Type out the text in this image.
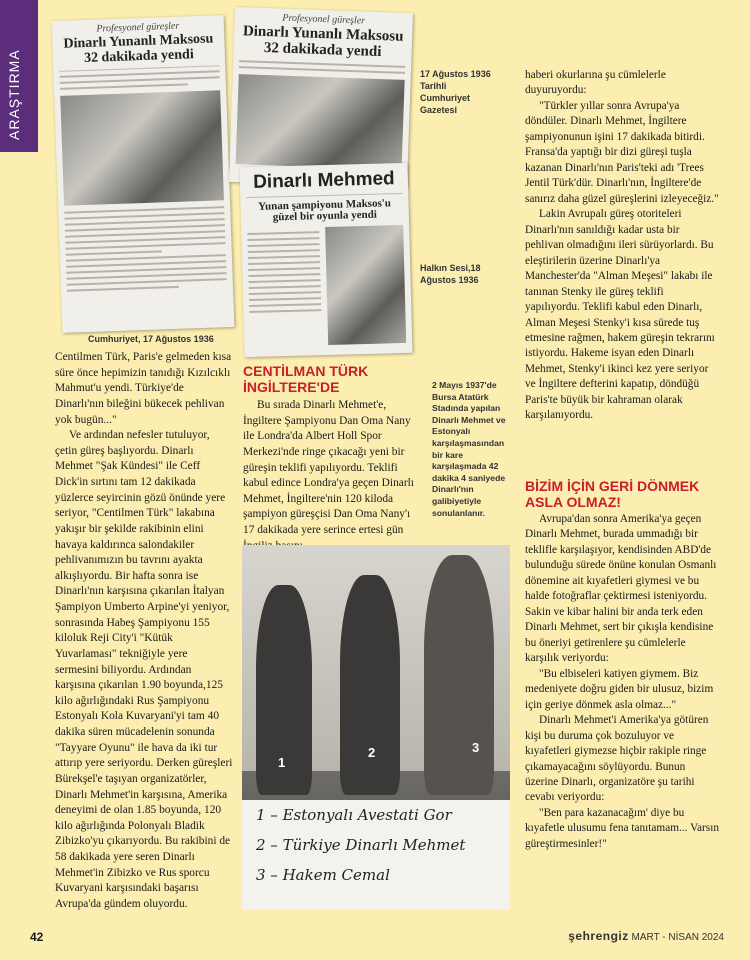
ARAŞTIRMA
Profesyonel güreşler
Dinarlı Yunanlı Maksosu 32 dakikada yendi
Profesyonel güreşler
Dinarlı Yunanlı Maksosu 32 dakikada yendi
Dinarlı Mehmed
Yunan şampiyonu Maksos'u güzel bir oyunla yendi
17 Ağustos 1936 Tarihli Cumhuriyet Gazetesi
Halkın Sesi,18 Ağustos 1936
Cumhuriyet, 17 Ağustos 1936

Centilmen Türk, Paris'e gelmeden kısa süre önce hepimizin tanıdığı Kızılcıklı Mahmut'u yendi. Türkiye'de Dinarlı'nın bileğini bükecek pehlivan yok bugün..."

Ve ardından nefesler tutuluyor, çetin güreş başlıyordu. Dinarlı Mehmet "Şak Kündesi" ile Ceff Dick'in sırtını tam 12 dakikada yüzlerce seyircinin gözü önünde yere seriyor, "Centilmen Türk" lakabına yakışır bir şekilde rakibinin elini havaya kaldırınca salondakiler pehlivanımızın bu tavrını ayakta alkışlıyordu. Bir hafta sonra ise Dinarlı'nın karşısına çıkarılan İtalyan Şampiyon Umberto Arpine'yi yeniyor, sonrasında Habeş Şampiyonu 155 kiloluk Reji City'i "Kütük Yuvarlaması" tekniğiyle yere sermesini biliyordu. Ardından karşısına çıkarılan 1.90 boyunda,125 kilo ağırlığındaki Rus Şampiyonu Estonyalı Kola Kuvaryani'yi tam 40 dakika süren mücadelenin sonunda "Tayyare Oyunu" ile hava da iki tur attırıp yere seriyordu. Derken güreşleri Bürekşel'e taşıyan organizatörler, Dinarlı Mehmet'in karşısına, Amerika deneyimi de olan 1.85 boyunda, 120 kilo ağırlığında Polonyalı Bladik Zibizko'yu çıkarıyordu. Bu rakibini de 58 dakikada yere seren Dinarlı Mehmet'in Zibizko ve Rus sporcu Kuvaryani karşısındaki başarısı Avrupa'da gündem oluyordu.

CENTİLMAN TÜRK İNGİLTERE'DE

Bu sırada Dinarlı Mehmet'e, İngiltere Şampiyonu Dan Oma Nany ile Londra'da Albert Holl Spor Merkezi'nde ringe çıkacağı yeni bir güreşin teklifi yapılıyordu. Teklifi kabul edince Londra'ya geçen Dinarlı Mehmet, İngiltere'nin 120 kiloda şampiyon güreşçisi Dan Oma Nany'ı 17 dakikada yere serince ertesi gün

2 Mayıs 1937'de Bursa Atatürk Stadında yapılan Dinarlı Mehmet ve Estonyalı karşılaşmasından bir kare karşılaşmada 42 dakika 4 saniyede Dinarlı'nın galibiyetiyle sonulanlanır.
1
2	3
1 – Estonyalı Avestati Gor
2 – Türkiye Dinarlı Mehmet
3 – Hakem Cemal

haberi okurlarına şu cümlelerle duyuruyordu:

"Türkler yıllar sonra Avrupa'ya döndüler. Dinarlı Mehmet, İngiltere şampiyonunun işini 17 dakikada bitirdi. Fransa'da yaptığı bir dizi güreşi tuşla kazanan Dinarlı'nın Paris'teki adı 'Trees Jentil Türk'dür. Dinarlı'nın, İngiltere'de sanırız daha güzel güreşlerini izleyeceğiz."

Lakin Avrupalı güreş otoriteleri Dinarlı'nın sanıldığı kadar usta bir pehlivan olmadığını ileri sürüyorlardı. Bu eleştirilerin üzerine Dinarlı'ya Manchester'da "Alman Meşesi" lakabı ile tanınan Stenky ile güreş teklifi yapılıyordu. Teklifi kabul eden Dinarlı, Alman Meşesi Stenky'i kısa sürede tuş etmesine rağmen, hakem güreşin tekrarını istiyordu. Hakeme isyan eden Dinarlı Mehmet, Stenky'i ikinci kez yere seriyor ve İngiltere defterini kapatıp, döndüğü Paris'te büyük bir kahraman olarak karşılanıyordu.

BİZİM İÇİN GERİ DÖNMEK ASLA OLMAZ!

Avrupa'dan sonra Amerika'ya geçen Dinarlı Mehmet, burada ummadığı bir teklifle karşılaşıyor, kendisinden ABD'de bulunduğu sürede önüne konulan Osmanlı dönemine ait kıyafetleri giymesi ve bu halde fotoğraflar çektirmesi isteniyordu. Sakin ve kibar halini bir anda terk eden Dinarlı Mehmet, sert bir çıkışla kendisine bu öneriyi getirenlere şu cümlelerle karşılık veriyordu:

"Bu elbiseleri katiyen giymem. Biz medeniyete doğru giden bir ulusuz, bizim için geriye dönmek asla olmaz..."

Dinarlı Mehmet'i Amerika'ya götüren kişi bu duruma çok bozuluyor ve kıyafetleri giymezse hiçbir rakiple ringe çıkamayacağını söylüyordu. Bunun üzerine Dinarlı, organizatöre şu tarihi cevabı veriyordu:

"Ben para kazanacağım' diye bu kıyafetle ulusumu fena tanıtamam... Varsın güreştirmesinler!"

42	şehrengiz MART - NİSAN 2024
